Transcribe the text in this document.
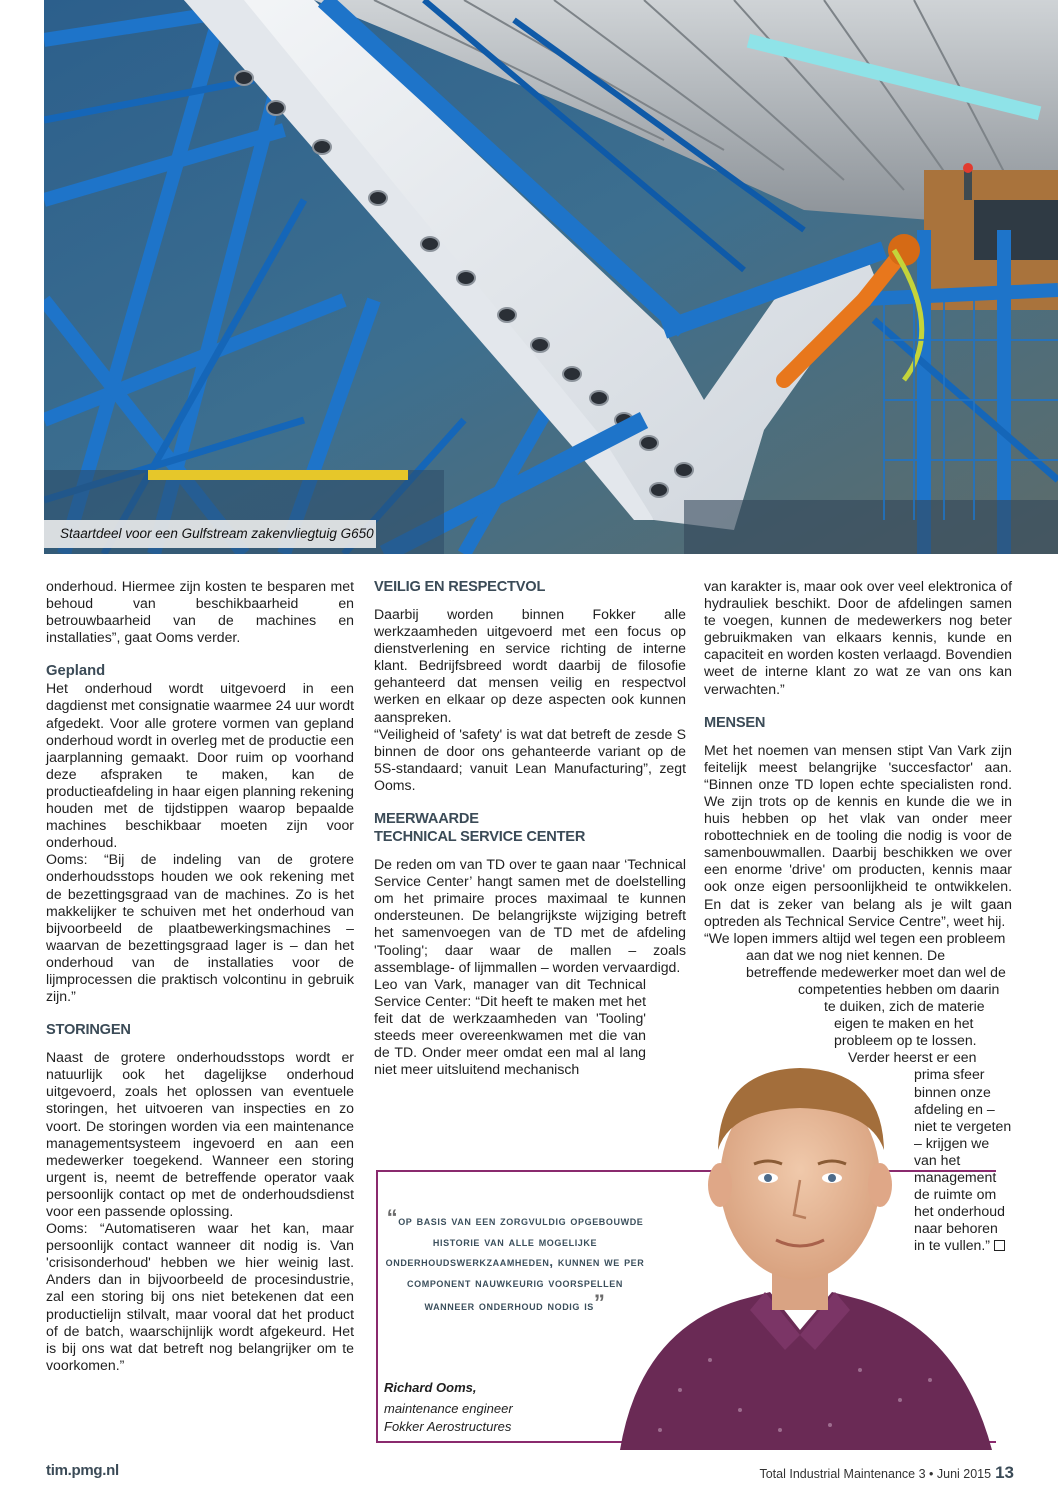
Staartdeel voor een Gulfstream zakenvliegtuig G650

onderhoud. Hiermee zijn kosten te besparen met behoud van beschikbaarheid en betrouwbaarheid van de machines en installaties”, gaat Ooms verder.

Gepland

Het onderhoud wordt uitgevoerd in een dagdienst met consignatie waarmee 24 uur wordt afgedekt. Voor alle grotere vormen van gepland onderhoud wordt in overleg met de productie een jaarplanning gemaakt. Door ruim op voorhand deze afspraken te maken, kan de productieafdeling in haar eigen planning rekening houden met de tijdstippen waarop bepaalde machines beschikbaar moeten zijn voor onderhoud.

Ooms: “Bij de indeling van de grotere onderhoudsstops houden we ook rekening met de bezettingsgraad van de machines. Zo is het makkelijker te schuiven met het onderhoud van bijvoorbeeld de plaatbewerkingsmachines – waarvan de bezettingsgraad lager is – dan het onderhoud van de installaties voor de lijmprocessen die praktisch volcontinu in gebruik zijn.”

STORINGEN

Naast de grotere onderhoudsstops wordt er natuurlijk ook het dagelijkse onderhoud uitgevoerd, zoals het oplossen van eventuele storingen, het uitvoeren van inspecties en zo voort. De storingen worden via een maintenance managementsysteem ingevoerd en aan een medewerker toegekend. Wanneer een storing urgent is, neemt de betreffende operator vaak persoonlijk contact op met de onderhoudsdienst voor een passende oplossing.

Ooms: “Automatiseren waar het kan, maar persoonlijk contact wanneer dit nodig is. Van 'crisisonderhoud' hebben we hier weinig last. Anders dan in bijvoorbeeld de procesindustrie, zal een storing bij ons niet betekenen dat een productielijn stilvalt, maar vooral dat het product of de batch, waarschijnlijk wordt afgekeurd. Het is bij ons wat dat betreft nog belangrijker om te voorkomen.”

VEILIG EN RESPECTVOL

Daarbij worden binnen Fokker alle werkzaamheden uitgevoerd met een focus op dienstverlening en service richting de interne klant. Bedrijfsbreed wordt daarbij de filosofie gehanteerd dat mensen veilig en respectvol werken en elkaar op deze aspecten ook kunnen aanspreken.

“Veiligheid of 'safety' is wat dat betreft de zesde S binnen de door ons gehanteerde variant op de 5S-standaard; vanuit Lean Manufacturing”, zegt Ooms.

MEERWAARDE
TECHNICAL SERVICE CENTER

De reden om van TD over te gaan naar ‘Technical Service Center’ hangt samen met de doelstelling om het primaire proces maximaal te kunnen ondersteunen. De belangrijkste wijziging betreft het samenvoegen van de TD met de afdeling 'Tooling'; daar waar de mallen – zoals assemblage- of lijmmallen – worden vervaardigd.

Leo van Vark, manager van dit Technical Service Center: “Dit heeft te maken met het feit dat de werkzaamheden van 'Tooling' steeds meer overeenkwamen met die van de TD. Onder meer omdat een mal al lang niet meer uitsluitend mechanisch

van karakter is, maar ook over veel elektronica of hydrauliek beschikt. Door de afdelingen samen te voegen, kunnen de medewerkers nog beter gebruikmaken van elkaars kennis, kunde en capaciteit en worden kosten verlaagd. Bovendien weet de interne klant zo wat ze van ons kan verwachten.”

MENSEN

Met het noemen van mensen stipt Van Vark zijn feitelijk meest belangrijke 'succesfactor' aan. “Binnen onze TD lopen echte specialisten rond. We zijn trots op de kennis en kunde die we in huis hebben op het vlak van onder meer robottechniek en de tooling die nodig is voor de samenbouwmallen. Daarbij beschikken we over een enorme 'drive' om producten, kennis maar ook onze eigen persoonlijkheid te ontwikkelen. En dat is zeker van belang als je wilt gaan optreden als Technical Service Centre”, weet hij.

“We lopen immers altijd wel tegen een probleem aan dat we nog niet kennen. De betreffende medewerker moet dan wel de competenties hebben om daarin te duiken, zich de materie eigen te maken en het probleem op te lossen. Verder heerst er een prima sfeer binnen onze afdeling en – niet te vergeten – krijgen we van het management de ruimte om het onderhoud naar behoren in te vullen.”

“op basis van een zorgvuldig opgebouwde historie van alle mogelijke onderhoudswerkzaamheden, kunnen we per component nauwkeurig voorspellen wanneer onderhoud nodig is”
Richard Ooms,
maintenance engineer
Fokker Aerostructures
tim.pmg.nl	Total Industrial Maintenance 3 • Juni 2015 13
